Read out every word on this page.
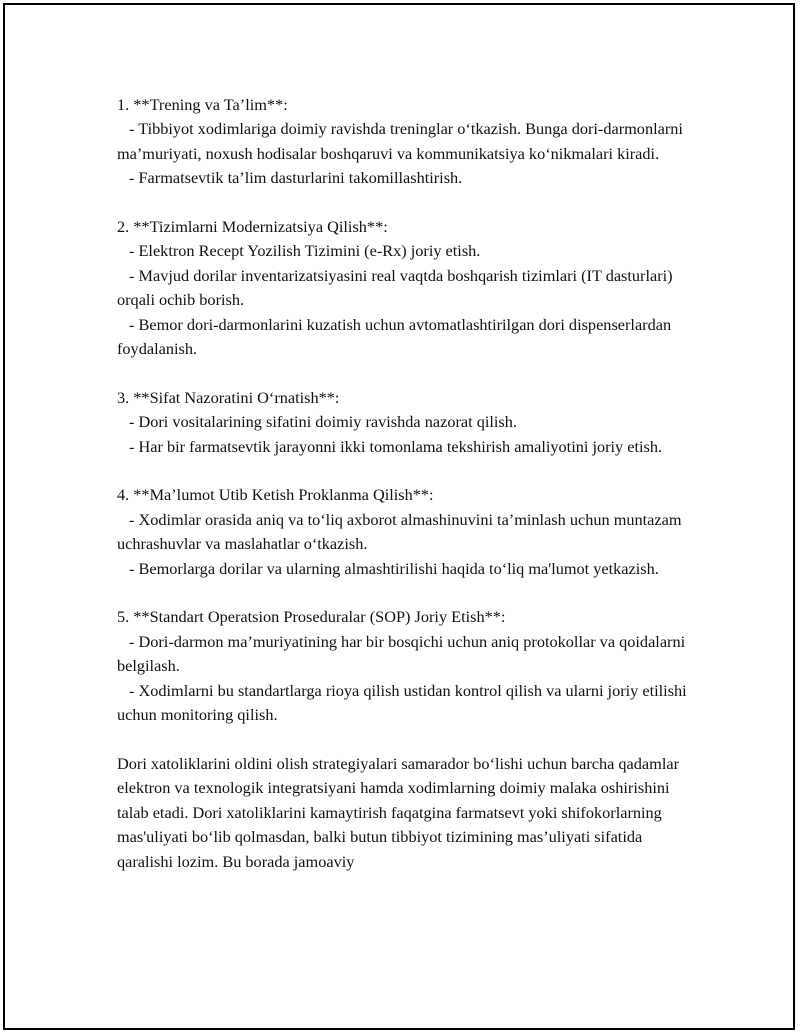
1. **Trening va Ta’lim**:

- Tibbiyot xodimlariga doimiy ravishda treninglar o‘tkazish. Bunga dori-darmonlarni ma’muriyati, noxush hodisalar boshqaruvi va kommunikatsiya ko‘nikmalari kiradi.

- Farmatsevtik ta’lim dasturlarini takomillashtirish.

2. **Tizimlarni Modernizatsiya Qilish**:

- Elektron Recept Yozilish Tizimini (e-Rx) joriy etish.

- Mavjud dorilar inventarizatsiyasini real vaqtda boshqarish tizimlari (IT dasturlari) orqali ochib borish.

- Bemor dori-darmonlarini kuzatish uchun avtomatlashtirilgan dori dispenserlardan foydalanish.

3. **Sifat Nazoratini O‘rnatish**:

- Dori vositalarining sifatini doimiy ravishda nazorat qilish.

- Har bir farmatsevtik jarayonni ikki tomonlama tekshirish amaliyotini joriy etish.

4. **Ma’lumot Utib Ketish Proklanma Qilish**:

- Xodimlar orasida aniq va to‘liq axborot almashinuvini ta’minlash uchun muntazam uchrashuvlar va maslahatlar o‘tkazish.

- Bemorlarga dorilar va ularning almashtirilishi haqida to‘liq ma'lumot yetkazish.

5. **Standart Operatsion Proseduralar (SOP) Joriy Etish**:

- Dori-darmon ma’muriyatining har bir bosqichi uchun aniq protokollar va qoidalarni belgilash.

- Xodimlarni bu standartlarga rioya qilish ustidan kontrol qilish va ularni joriy etilishi uchun monitoring qilish.

Dori xatoliklarini oldini olish strategiyalari samarador bo‘lishi uchun barcha qadamlar elektron va texnologik integratsiyani hamda xodimlarning doimiy malaka oshirishini talab etadi. Dori xatoliklarini kamaytirish faqatgina farmatsevt yoki shifokorlarning mas'uliyati bo‘lib qolmasdan, balki butun tibbiyot tizimining mas’uliyati sifatida qaralishi lozim. Bu borada jamoaviy
